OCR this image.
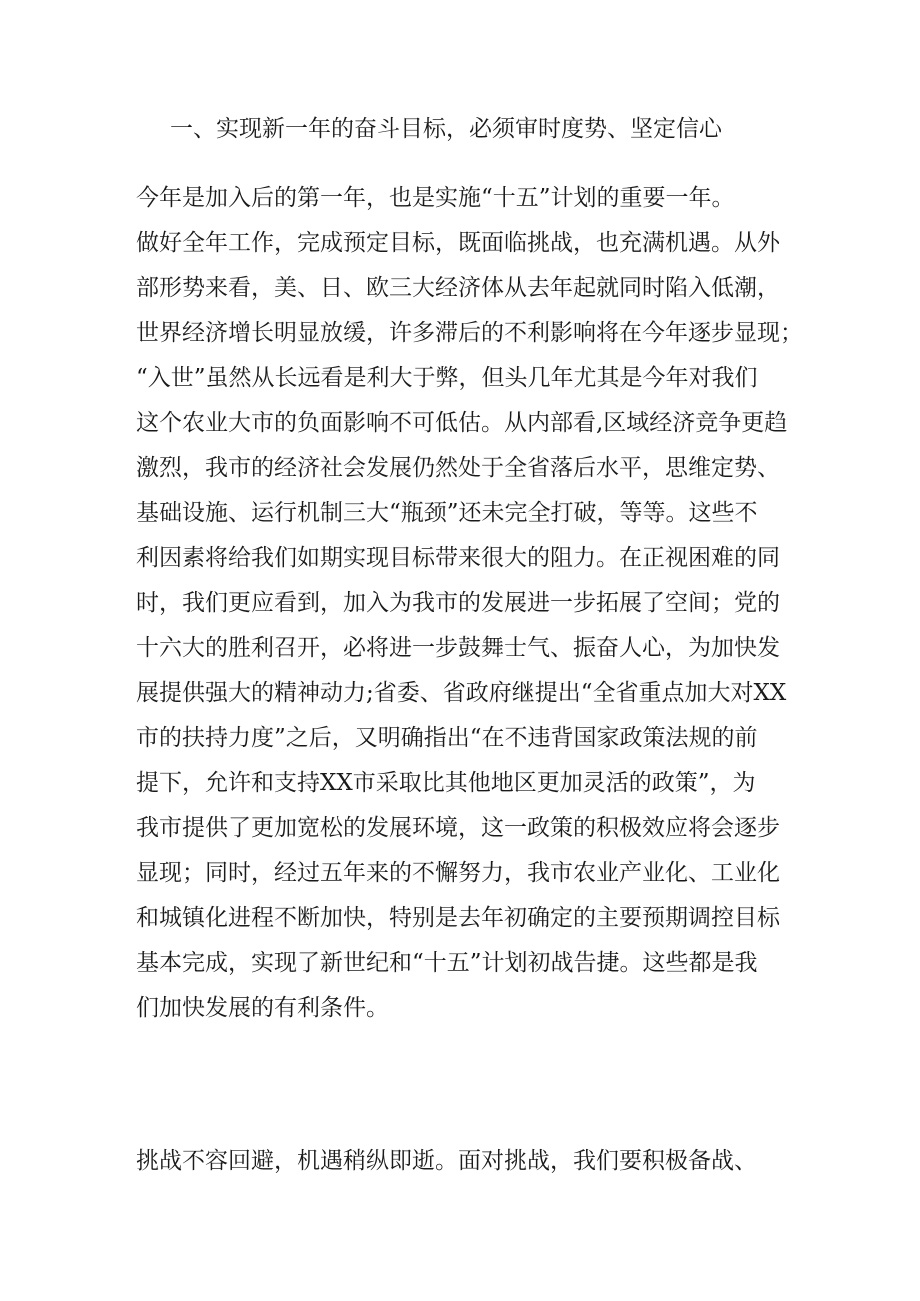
一、实现新一年的奋斗目标，必须审时度势、坚定信心
今年是加入后的第一年，也是实施“十五”计划的重要一年。
做好全年工作，完成预定目标，既面临挑战，也充满机遇。从外
部形势来看，美、日、欧三大经济体从去年起就同时陷入低潮，
世界经济增长明显放缓，许多滞后的不利影响将在今年逐步显现；
“入世”虽然从长远看是利大于弊，但头几年尤其是今年对我们
这个农业大市的负面影响不可低估。从内部看,区域经济竞争更趋
激烈，我市的经济社会发展仍然处于全省落后水平，思维定势、
基础设施、运行机制三大“瓶颈”还未完全打破，等等。这些不
利因素将给我们如期实现目标带来很大的阻力。在正视困难的同
时，我们更应看到，加入为我市的发展进一步拓展了空间；党的
十六大的胜利召开，必将进一步鼓舞士气、振奋人心，为加快发
展提供强大的精神动力;省委、省政府继提出“全省重点加大对XX
市的扶持力度”之后，又明确指出“在不违背国家政策法规的前
提下，允许和支持XX市采取比其他地区更加灵活的政策”，为
我市提供了更加宽松的发展环境，这一政策的积极效应将会逐步
显现；同时，经过五年来的不懈努力，我市农业产业化、工业化
和城镇化进程不断加快，特别是去年初确定的主要预期调控目标
基本完成，实现了新世纪和“十五”计划初战告捷。这些都是我
们加快发展的有利条件。
挑战不容回避，机遇稍纵即逝。面对挑战，我们要积极备战、
